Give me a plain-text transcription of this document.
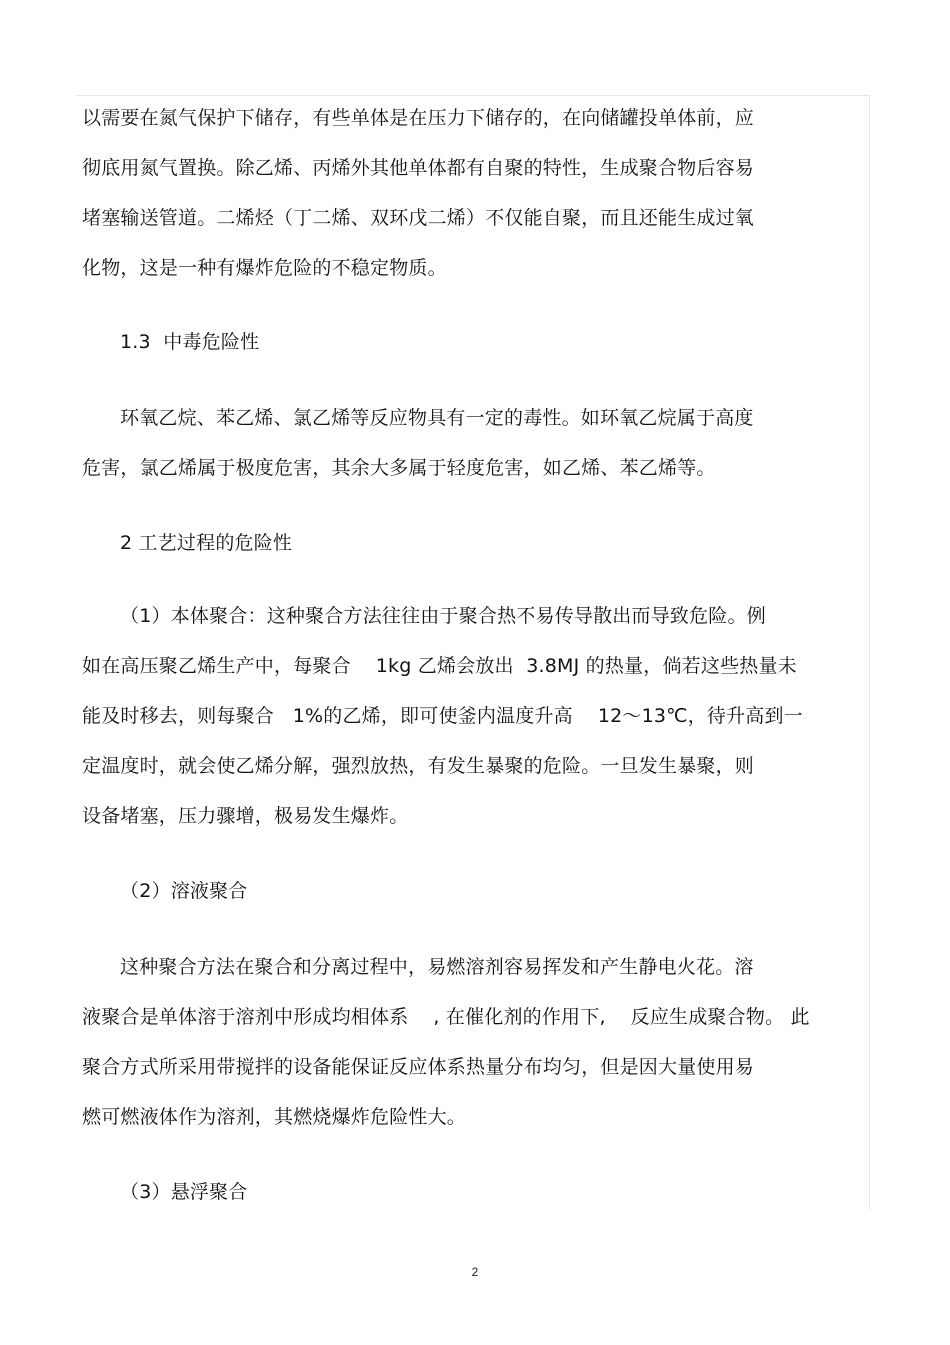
以需要在氮气保护下储存，有些单体是在压力下储存的，在向储罐投单体前，应
彻底用氮气置换。除乙烯、丙烯外其他单体都有自聚的特性，生成聚合物后容易
堵塞输送管道。二烯烃（丁二烯、双环戊二烯）不仅能自聚，而且还能生成过氧
化物，这是一种有爆炸危险的不稳定物质。
1.3  中毒危险性
环氧乙烷、苯乙烯、氯乙烯等反应物具有一定的毒性。如环氧乙烷属于高度
危害，氯乙烯属于极度危害，其余大多属于轻度危害，如乙烯、苯乙烯等。
2 工艺过程的危险性
（1）本体聚合：这种聚合方法往往由于聚合热不易传导散出而导致危险。例
如在高压聚乙烯生产中，每聚合    1kg 乙烯会放出  3.8MJ 的热量，倘若这些热量未
能及时移去，则每聚合   1%的乙烯，即可使釜内温度升高    12～13℃，待升高到一
定温度时，就会使乙烯分解，强烈放热，有发生暴聚的危险。一旦发生暴聚，则
设备堵塞，压力骤增，极易发生爆炸。
（2）溶液聚合
这种聚合方法在聚合和分离过程中，易燃溶剂容易挥发和产生静电火花。溶
液聚合是单体溶于溶剂中形成均相体系    , 在催化剂的作用下,    反应生成聚合物。 此
聚合方式所采用带搅拌的设备能保证反应体系热量分布均匀，但是因大量使用易
燃可燃液体作为溶剂，其燃烧爆炸危险性大。
（3）悬浮聚合
2
